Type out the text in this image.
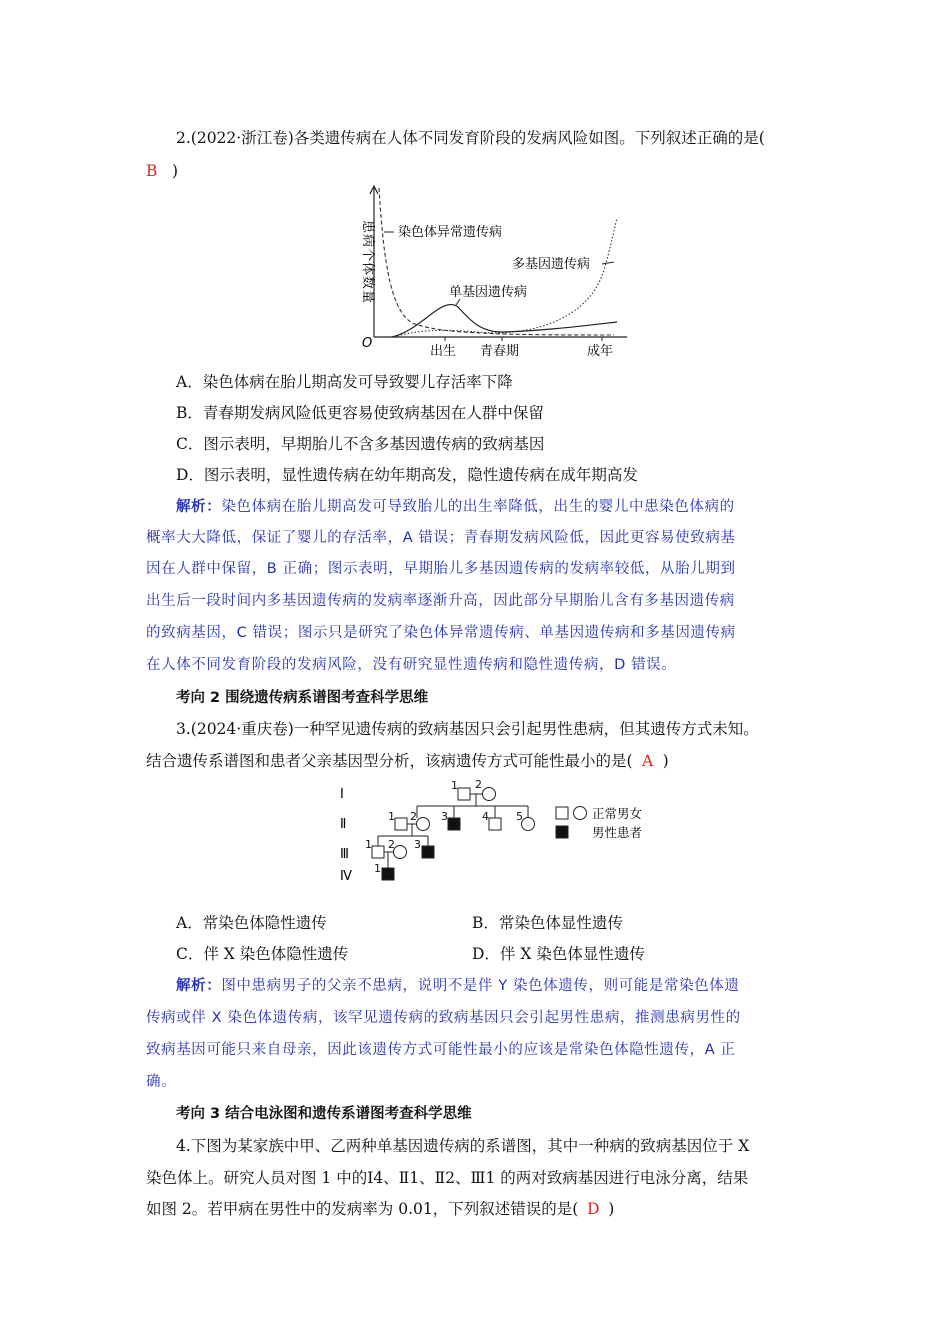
2.(2022·浙江卷)各类遗传病在人体不同发育阶段的发病风险如图。下列叙述正确的是(
B )
O
患病个体数量
出生 青春期	成年
染色体异常遗传病
多基因遗传病
单基因遗传病
A．染色体病在胎儿期高发可导致婴儿存活率下降
B．青春期发病风险低更容易使致病基因在人群中保留
C．图示表明，早期胎儿不含多基因遗传病的致病基因
D．图示表明，显性遗传病在幼年期高发，隐性遗传病在成年期高发
解析：染色体病在胎儿期高发可导致胎儿的出生率降低，出生的婴儿中患染色体病的
概率大大降低，保证了婴儿的存活率，A 错误；青春期发病风险低，因此更容易使致病基
因在人群中保留，B 正确；图示表明，早期胎儿多基因遗传病的发病率较低，从胎儿期到
出生后一段时间内多基因遗传病的发病率逐渐升高，因此部分早期胎儿含有多基因遗传病
的致病基因，C 错误；图示只是研究了染色体异常遗传病、单基因遗传病和多基因遗传病
在人体不同发育阶段的发病风险，没有研究显性遗传病和隐性遗传病，D 错误。
考向 2 围绕遗传病系谱图考查科学思维
3.(2024·重庆卷)一种罕见遗传病的致病基因只会引起男性患病，但其遗传方式未知。
结合遗传系谱图和患者父亲基因型分析，该病遗传方式可能性最小的是( A )
Ⅰ
Ⅱ
Ⅲ
Ⅳ
1 2
1 2 3	4 5
1 2 3
1
正常男女
男性患者
A．常染色体隐性遗传	B．常染色体显性遗传
C．伴 X 染色体隐性遗传	D．伴 X 染色体显性遗传
解析：图中患病男子的父亲不患病，说明不是伴 Y 染色体遗传，则可能是常染色体遗
传病或伴 X 染色体遗传病，该罕见遗传病的致病基因只会引起男性患病，推测患病男性的
致病基因可能只来自母亲，因此该遗传方式可能性最小的应该是常染色体隐性遗传，A 正
确。
考向 3 结合电泳图和遗传系谱图考查科学思维
4.下图为某家族中甲、乙两种单基因遗传病的系谱图，其中一种病的致病基因位于 X
染色体上。研究人员对图 1 中的Ⅰ4、Ⅱ1、Ⅱ2、Ⅲ1 的两对致病基因进行电泳分离，结果
如图 2。若甲病在男性中的发病率为 0.01，下列叙述错误的是( D )
